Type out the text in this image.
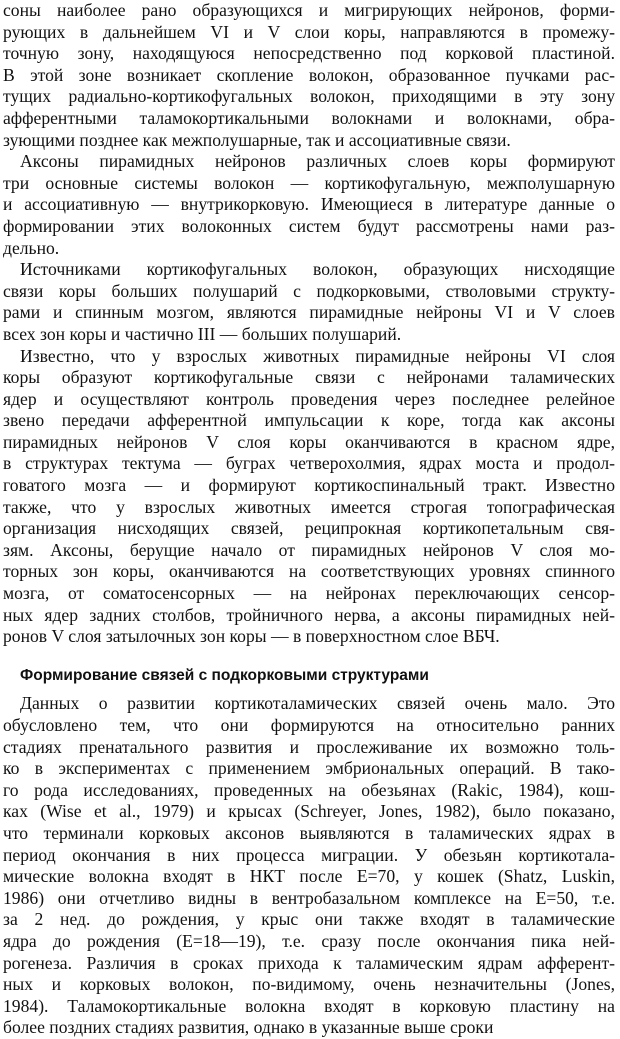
соны наиболее рано образующихся и мигрирующих нейронов, форми-
рующих в дальнейшем VI и V слои коры, направляются в промежу-
точную зону, находящуюся непосредственно под корковой пластиной.
В этой зоне возникает скопление волокон, образованное пучками рас-
тущих радиально-кортикофугальных волокон, приходящими в эту зону
афферентными таламокортикальными волокнами и волокнами, обра-
зующими позднее как межполушарные, так и ассоциативные связи.
Аксоны пирамидных нейронов различных слоев коры формируют
три основные системы волокон — кортикофугальную, межполушарную
и ассоциативную — внутрикорковую. Имеющиеся в литературе данные о
формировании этих волоконных систем будут рассмотрены нами раз-
дельно.
Источниками кортикофугальных волокон, образующих нисходящие
связи коры больших полушарий с подкорковыми, стволовыми структу-
рами и спинным мозгом, являются пирамидные нейроны VI и V слоев
всех зон коры и частично III — больших полушарий.
Известно, что у взрослых животных пирамидные нейроны VI слоя
коры образуют кортикофугальные связи с нейронами таламических
ядер и осуществляют контроль проведения через последнее релейное
звено передачи афферентной импульсации к коре, тогда как аксоны
пирамидных нейронов V слоя коры оканчиваются в красном ядре,
в структурах тектума — буграх четверохолмия, ядрах моста и продол-
говатого мозга — и формируют кортикоспинальный тракт. Известно
также, что у взрослых животных имеется строгая топографическая
организация нисходящих связей, реципрокная кортикопетальным свя-
зям. Аксоны, берущие начало от пирамидных нейронов V слоя мо-
торных зон коры, оканчиваются на соответствующих уровнях спинного
мозга, от соматосенсорных — на нейронах переключающих сенсор-
ных ядер задних столбов, тройничного нерва, а аксоны пирамидных ней-
ронов V слоя затылочных зон коры — в поверхностном слое ВБЧ.
Формирование связей с подкорковыми структурами
Данных о развитии кортикоталамических связей очень мало. Это
обусловлено тем, что они формируются на относительно ранних
стадиях пренатального развития и прослеживание их возможно толь-
ко в экспериментах с применением эмбриональных операций. В тако-
го рода исследованиях, проведенных на обезьянах (Rakic, 1984), кош-
ках (Wise et al., 1979) и крысах (Schreyer, Jones, 1982), было показано,
что терминали корковых аксонов выявляются в таламических ядрах в
период окончания в них процесса миграции. У обезьян кортикотала-
мические волокна входят в НКТ после E=70, у кошек (Shatz, Luskin,
1986) они отчетливо видны в вентробазальном комплексе на E=50, т.е.
за 2 нед. до рождения, у крыс они также входят в таламические
ядра до рождения (E=18—19), т.е. сразу после окончания пика ней-
рогенеза. Различия в сроках прихода к таламическим ядрам афферент-
ных и корковых волокон, по-видимому, очень незначительны (Jones,
1984). Таламокортикальные волокна входят в корковую пластину на
более поздних стадиях развития, однако в указанные выше сроки
